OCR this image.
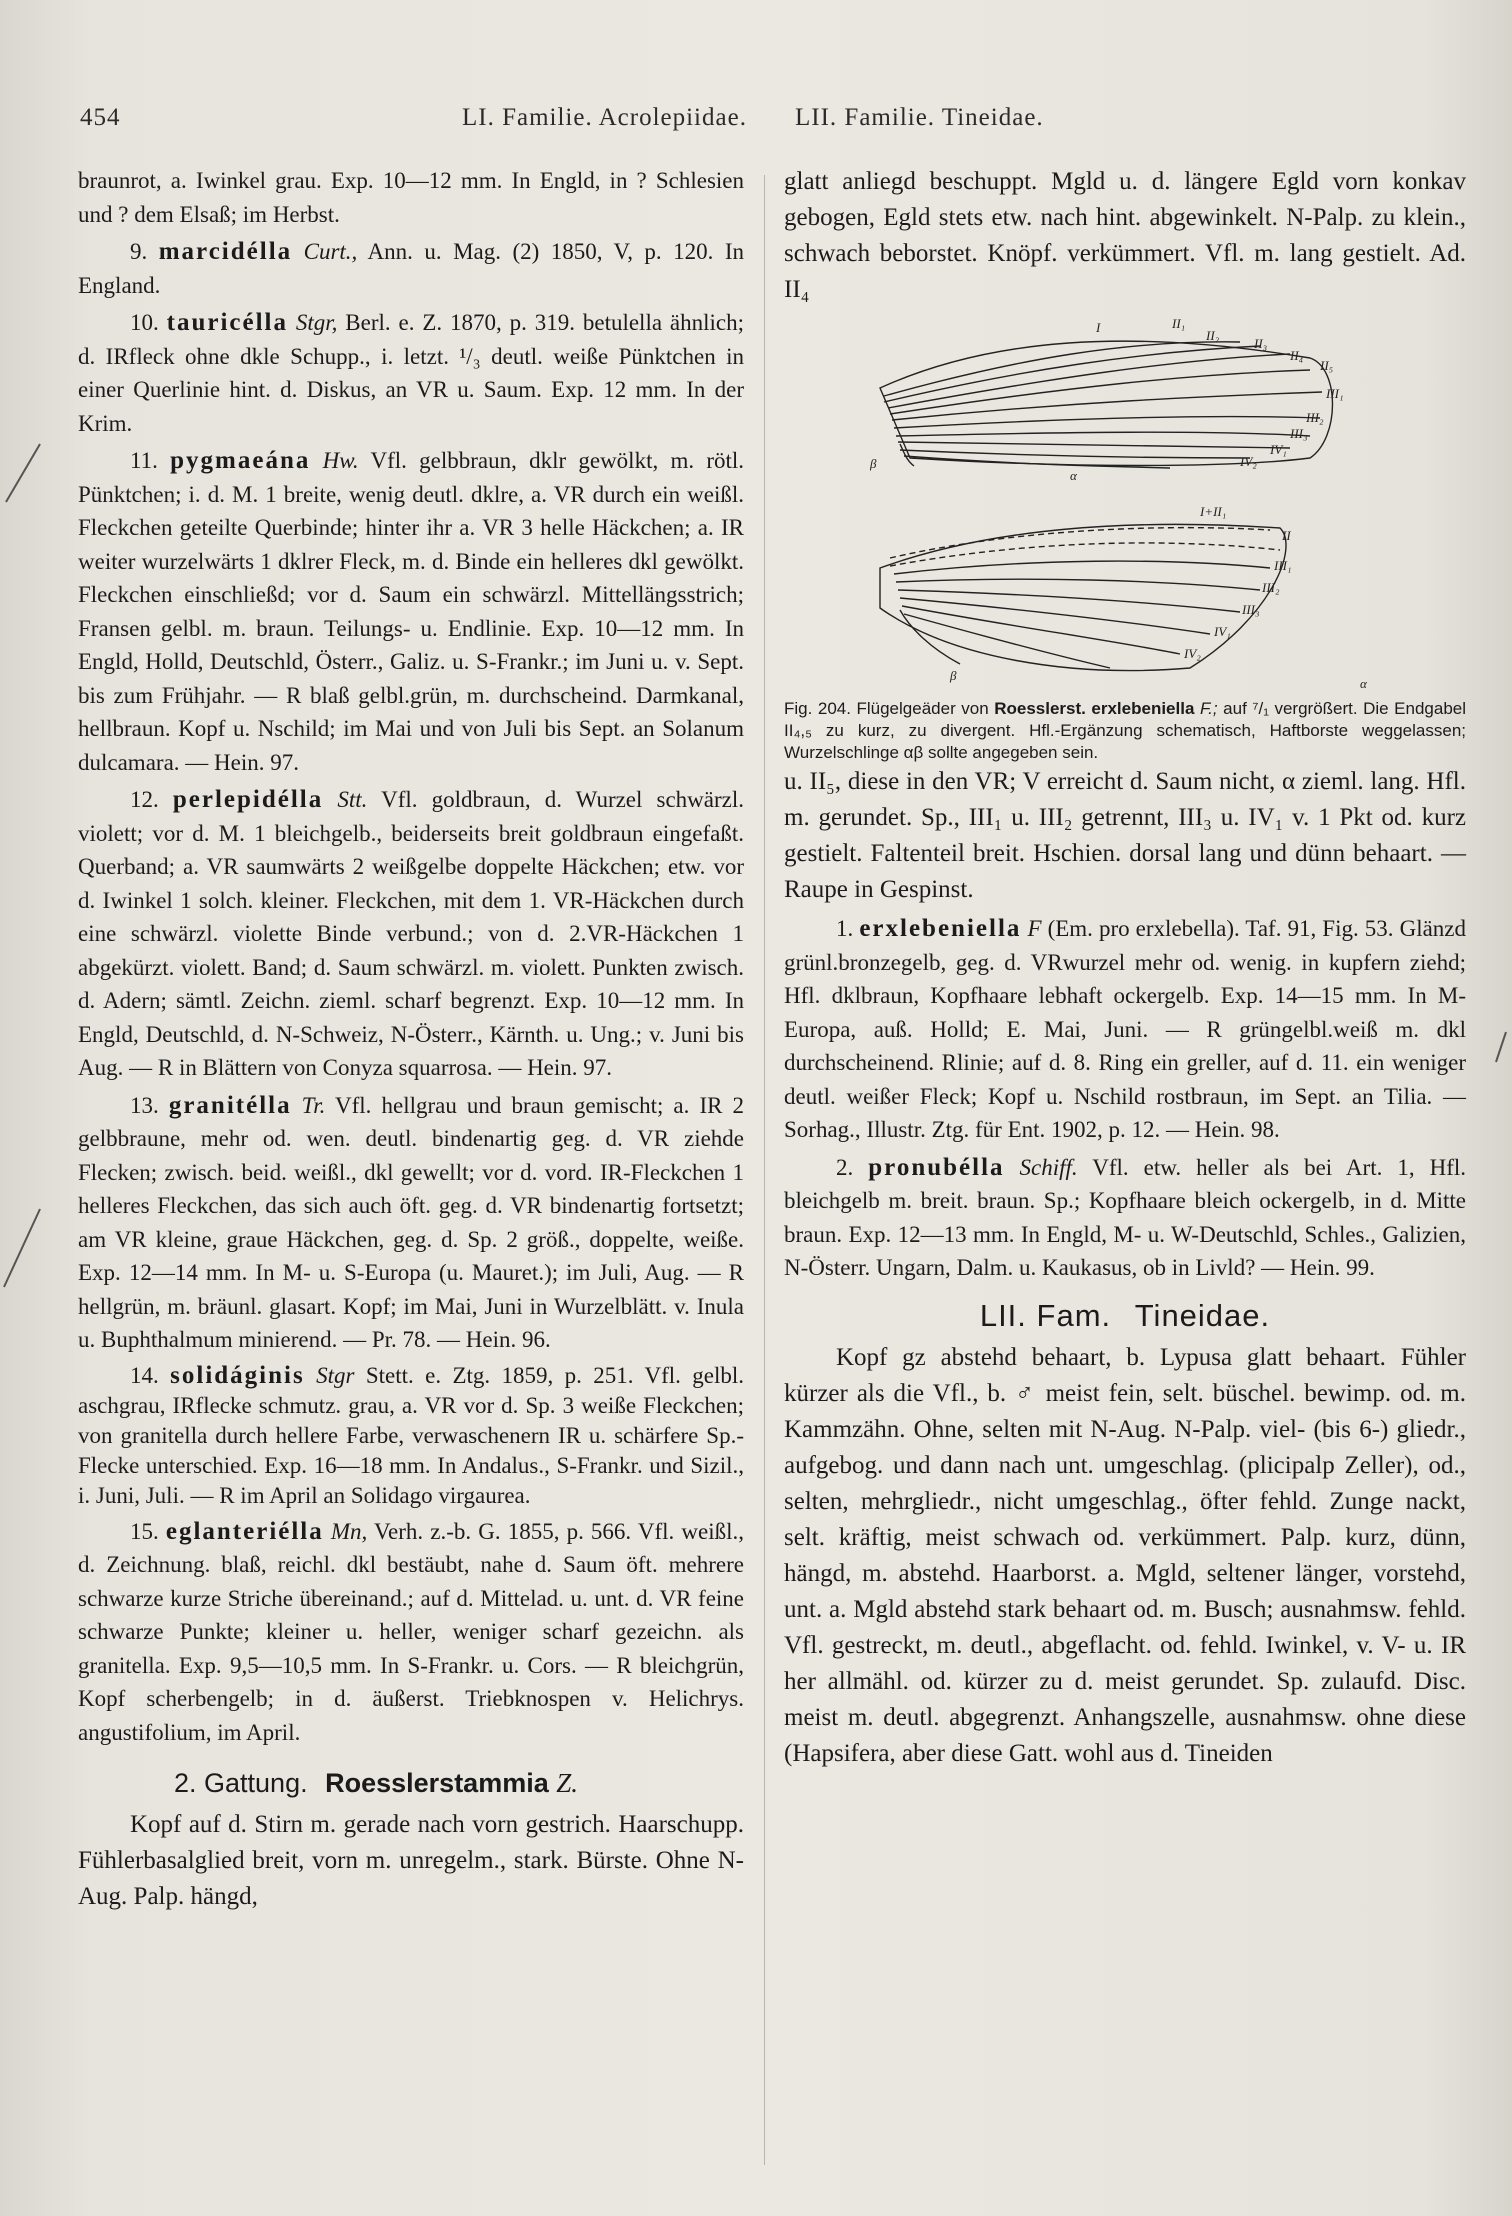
454	LI. Familie. Acrolepiidae. LII. Familie. Tineidae.

braunrot, a. Iwinkel grau. Exp. 10—12 mm. In Engld, in ? Schlesien und ? dem Elsaß; im Herbst.

9. marcidélla Curt., Ann. u. Mag. (2) 1850, V, p. 120. In England.

10. tauricélla Stgr, Berl. e. Z. 1870, p. 319. betulella ähnlich; d. IRfleck ohne dkle Schupp., i. letzt. ¹/₃ deutl. weiße Pünktchen in einer Querlinie hint. d. Diskus, an VR u. Saum. Exp. 12 mm. In der Krim.

11. pygmaeána Hw. Vfl. gelbbraun, dklr gewölkt, m. rötl. Pünktchen; i. d. M. 1 breite, wenig deutl. dklre, a. VR durch ein weißl. Fleckchen geteilte Querbinde; hinter ihr a. VR 3 helle Häckchen; a. IR weiter wurzelwärts 1 dklrer Fleck, m. d. Binde ein helleres dkl gewölkt. Fleckchen einschließd; vor d. Saum ein schwärzl. Mittellängsstrich; Fransen gelbl. m. braun. Teilungs- u. Endlinie. Exp. 10—12 mm. In Engld, Holld, Deutschld, Österr., Galiz. u. S-Frankr.; im Juni u. v. Sept. bis zum Frühjahr. — R blaß gelbl.grün, m. durchscheind. Darmkanal, hellbraun. Kopf u. Nschild; im Mai und von Juli bis Sept. an Solanum dulcamara. — Hein. 97.

12. perlepidélla Stt. Vfl. goldbraun, d. Wurzel schwärzl. violett; vor d. M. 1 bleichgelb., beiderseits breit goldbraun eingefaßt. Querband; a. VR saumwärts 2 weißgelbe doppelte Häckchen; etw. vor d. Iwinkel 1 solch. kleiner. Fleckchen, mit dem 1. VR-Häckchen durch eine schwärzl. violette Binde verbund.; von d. 2.VR-Häckchen 1 abgekürzt. violett. Band; d. Saum schwärzl. m. violett. Punkten zwisch. d. Adern; sämtl. Zeichn. zieml. scharf begrenzt. Exp. 10—12 mm. In Engld, Deutschld, d. N-Schweiz, N-Österr., Kärnth. u. Ung.; v. Juni bis Aug. — R in Blättern von Conyza squarrosa. — Hein. 97.

13. granitélla Tr. Vfl. hellgrau und braun gemischt; a. IR 2 gelbbraune, mehr od. wen. deutl. bindenartig geg. d. VR ziehde Flecken; zwisch. beid. weißl., dkl gewellt; vor d. vord. IR-Fleckchen 1 helleres Fleckchen, das sich auch öft. geg. d. VR bindenartig fortsetzt; am VR kleine, graue Häckchen, geg. d. Sp. 2 größ., doppelte, weiße. Exp. 12—14 mm. In M- u. S-Europa (u. Mauret.); im Juli, Aug. — R hellgrün, m. bräunl. glasart. Kopf; im Mai, Juni in Wurzelblätt. v. Inula u. Buphthalmum minierend. — Pr. 78. — Hein. 96.

14. solidáginis Stgr Stett. e. Ztg. 1859, p. 251. Vfl. gelbl. aschgrau, IRflecke schmutz. grau, a. VR vor d. Sp. 3 weiße Fleckchen; von granitella durch hellere Farbe, verwaschenern IR u. schärfere Sp.-Flecke unterschied. Exp. 16—18 mm. In Andalus., S-Frankr. und Sizil., i. Juni, Juli. — R im April an Solidago virgaurea.

15. eglanteriélla Mn, Verh. z.-b. G. 1855, p. 566. Vfl. weißl., d. Zeichnung. blaß, reichl. dkl bestäubt, nahe d. Saum öft. mehrere schwarze kurze Striche übereinand.; auf d. Mittelad. u. unt. d. VR feine schwarze Punkte; kleiner u. heller, weniger scharf gezeichn. als granitella. Exp. 9,5—10,5 mm. In S-Frankr. u. Cors. — R bleichgrün, Kopf scherbengelb; in d. äußerst. Triebknospen v. Helichrys. angustifolium, im April.

2. Gattung. Roesslerstammia Z.

Kopf auf d. Stirn m. gerade nach vorn gestrich. Haarschupp. Fühlerbasalglied breit, vorn m. unregelm., stark. Bürste. Ohne N-Aug. Palp. hängd,

glatt anliegd beschuppt. Mgld u. d. längere Egld vorn konkav gebogen, Egld stets etw. nach hint. abgewinkelt. N-Palp. zu klein., schwach beborstet. Knöpf. verkümmert. Vfl. m. lang gestielt. Ad. II₄

I	II₁
II₂
II₃
II₄
II₅
III₁
III₂
III₃
IV₁
IV₂
β
α
I+II₁
II
III₁
III₂
III₃
IV₁
IV₂
β
α

Fig. 204. Flügelgeäder von Roesslerst. erxlebeniella F.; auf ⁷/₁ vergrößert. Die Endgabel II₄,₅ zu kurz, zu divergent. Hfl.-Ergänzung schematisch, Haftborste weggelassen; Wurzelschlinge αβ sollte angegeben sein.

u. II₅, diese in den VR; V erreicht d. Saum nicht, α zieml. lang. Hfl. m. gerundet. Sp., III₁ u. III₂ getrennt, III₃ u. IV₁ v. 1 Pkt od. kurz gestielt. Faltenteil breit. Hschien. dorsal lang und dünn behaart. — Raupe in Gespinst.

1. erxlebeniella F (Em. pro erxlebella). Taf. 91, Fig. 53. Glänzd grünl.bronzegelb, geg. d. VRwurzel mehr od. wenig. in kupfern ziehd; Hfl. dklbraun, Kopfhaare lebhaft ockergelb. Exp. 14—15 mm. In M-Europa, auß. Holld; E. Mai, Juni. — R grüngelbl.weiß m. dkl durchscheinend. Rlinie; auf d. 8. Ring ein greller, auf d. 11. ein weniger deutl. weißer Fleck; Kopf u. Nschild rostbraun, im Sept. an Tilia. — Sorhag., Illustr. Ztg. für Ent. 1902, p. 12. — Hein. 98.

2. pronubélla Schiff. Vfl. etw. heller als bei Art. 1, Hfl. bleichgelb m. breit. braun. Sp.; Kopfhaare bleich ockergelb, in d. Mitte braun. Exp. 12—13 mm. In Engld, M- u. W-Deutschld, Schles., Galizien, N-Österr. Ungarn, Dalm. u. Kaukasus, ob in Livld? — Hein. 99.

LII. Fam. Tineidae.

Kopf gz abstehd behaart, b. Lypusa glatt behaart. Fühler kürzer als die Vfl., b. ♂ meist fein, selt. büschel. bewimp. od. m. Kammzähn. Ohne, selten mit N-Aug. N-Palp. viel- (bis 6-) gliedr., aufgebog. und dann nach unt. umgeschlag. (plicipalp Zeller), od., selten, mehrgliedr., nicht umgeschlag., öfter fehld. Zunge nackt, selt. kräftig, meist schwach od. verkümmert. Palp. kurz, dünn, hängd, m. abstehd. Haarborst. a. Mgld, seltener länger, vorstehd, unt. a. Mgld abstehd stark behaart od. m. Busch; ausnahmsw. fehld. Vfl. gestreckt, m. deutl., abgeflacht. od. fehld. Iwinkel, v. V- u. IR her allmähl. od. kürzer zu d. meist gerundet. Sp. zulaufd. Disc. meist m. deutl. abgegrenzt. Anhangszelle, ausnahmsw. ohne diese (Hapsifera, aber diese Gatt. wohl aus d. Tineiden
